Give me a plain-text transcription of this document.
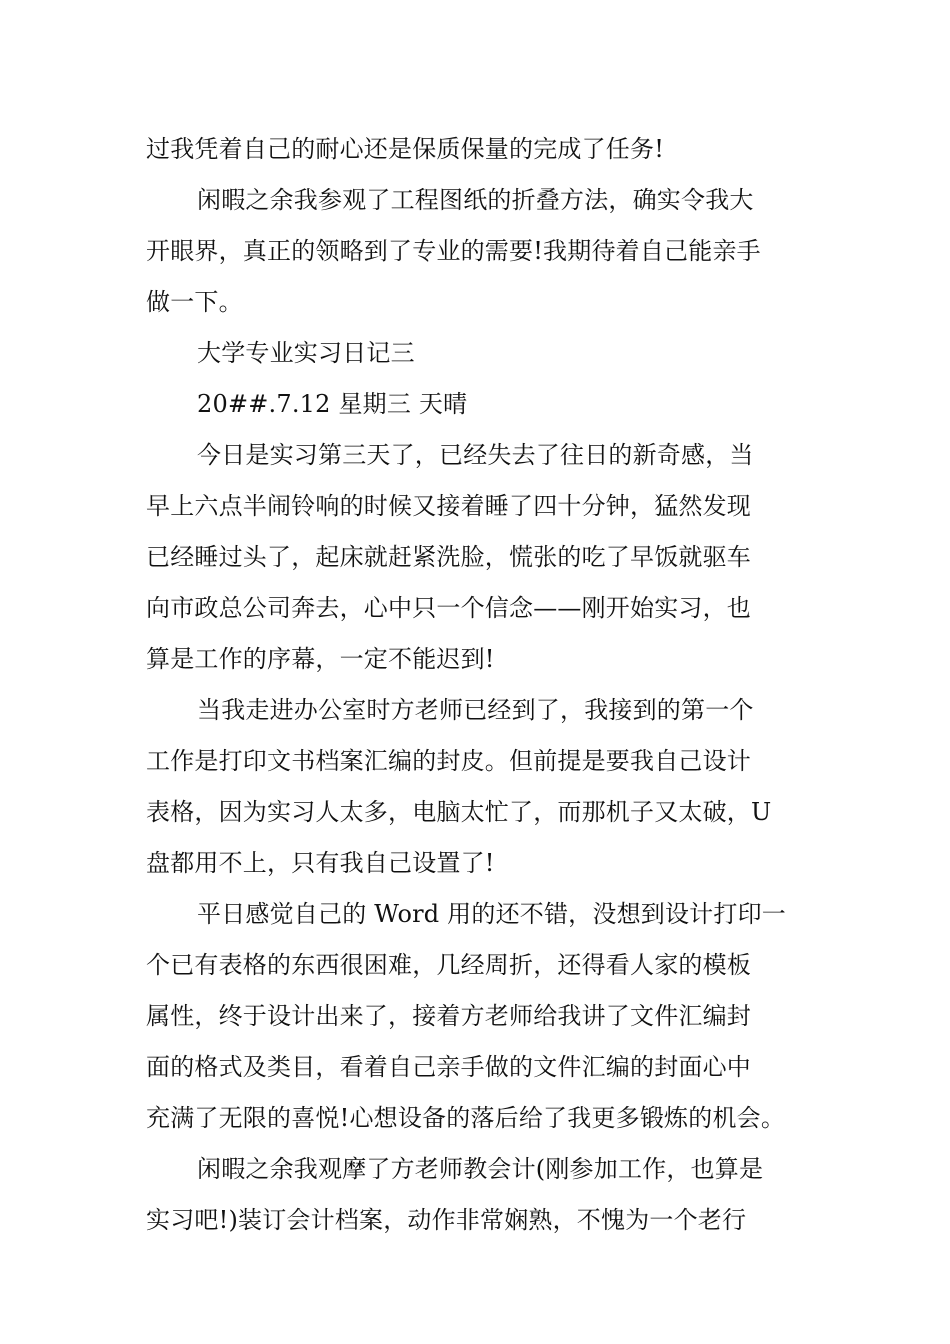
过我凭着自己的耐心还是保质保量的完成了任务!
闲暇之余我参观了工程图纸的折叠方法，确实令我大
开眼界，真正的领略到了专业的需要!我期待着自己能亲手
做一下。
大学专业实习日记三
20##.7.12 星期三 天晴
今日是实习第三天了，已经失去了往日的新奇感，当
早上六点半闹铃响的时候又接着睡了四十分钟，猛然发现
已经睡过头了，起床就赶紧洗脸，慌张的吃了早饭就驱车
向市政总公司奔去，心中只一个信念——刚开始实习，也
算是工作的序幕，一定不能迟到!
当我走进办公室时方老师已经到了，我接到的第一个
工作是打印文书档案汇编的封皮。但前提是要我自己设计
表格，因为实习人太多，电脑太忙了，而那机子又太破，U
盘都用不上，只有我自己设置了!
平日感觉自己的 Word 用的还不错，没想到设计打印一
个已有表格的东西很困难，几经周折，还得看人家的模板
属性，终于设计出来了，接着方老师给我讲了文件汇编封
面的格式及类目，看着自己亲手做的文件汇编的封面心中
充满了无限的喜悦!心想设备的落后给了我更多锻炼的机会。
闲暇之余我观摩了方老师教会计(刚参加工作，也算是
实习吧!)装订会计档案，动作非常娴熟，不愧为一个老行
